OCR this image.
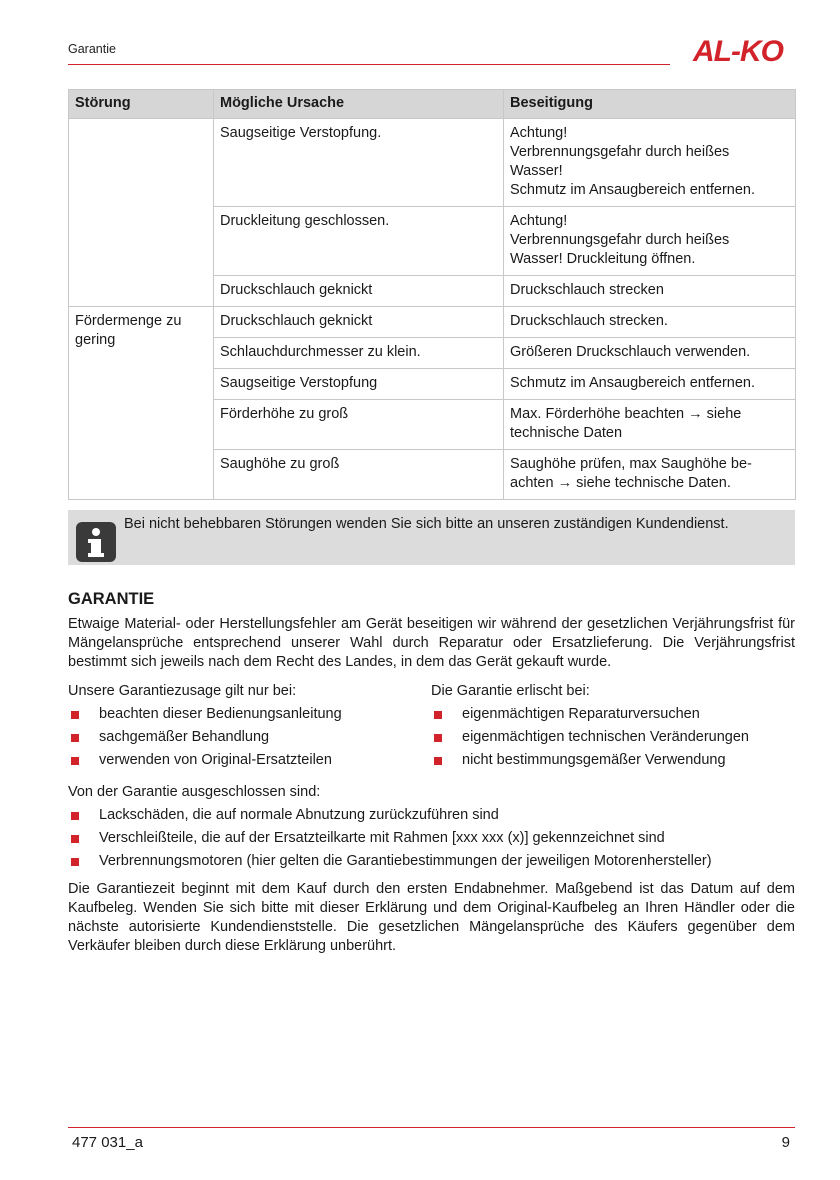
Garantie	AL-KO
Störung	Mögliche Ursache	Beseitigung
	Saugseitige Verstopfung.	Achtung!
Verbrennungsgefahr durch heißes
Wasser!
Schmutz im Ansaugbereich entfernen.

	Druckleitung geschlossen.	Achtung!
Verbrennungsgefahr durch heißes
Wasser! Druckleitung öffnen.

	Druckschlauch geknickt	Druckschlauch strecken

Fördermenge zu gering	Druckschlauch geknickt	Druckschlauch strecken.

	Schlauchdurchmesser zu klein.	Größeren Druckschlauch verwenden.

	Saugseitige Verstopfung	Schmutz im Ansaugbereich entfernen.

	Förderhöhe zu groß	Max. Förderhöhe beachten → siehe
technische Daten

	Saughöhe zu groß	Saughöhe prüfen, max Saughöhe be-
achten → siehe technische Daten.
Bei nicht behebbaren Störungen wenden Sie sich bitte an unseren zuständigen Kundendienst.
GARANTIE

Etwaige Material- oder Herstellungsfehler am Gerät beseitigen wir während der gesetzlichen Verjährungsfrist für Mängelansprüche entsprechend unserer Wahl durch Reparatur oder Ersatzlieferung. Die Verjährungsfrist bestimmt sich jeweils nach dem Recht des Landes, in dem das Gerät gekauft wurde.

Unsere Garantiezusage gilt nur bei:

beachten dieser Bedienungsanleitung
sachgemäßer Behandlung
verwenden von Original-Ersatzteilen

Die Garantie erlischt bei:

eigenmächtigen Reparaturversuchen
eigenmächtigen technischen Veränderungen
nicht bestimmungsgemäßer Verwendung

Von der Garantie ausgeschlossen sind:

Lackschäden, die auf normale Abnutzung zurückzuführen sind
Verschleißteile, die auf der Ersatzteilkarte mit Rahmen [xxx xxx (x)] gekennzeichnet sind
Verbrennungsmotoren (hier gelten die Garantiebestimmungen der jeweiligen Motorenhersteller)

Die Garantiezeit beginnt mit dem Kauf durch den ersten Endabnehmer. Maßgebend ist das Datum auf dem Kaufbeleg. Wenden Sie sich bitte mit dieser Erklärung und dem Original-Kaufbeleg an Ihren Händler oder die nächste autorisierte Kundendienststelle. Die gesetzlichen Mängelansprüche des Käufers gegenüber dem Verkäufer bleiben durch diese Erklärung unberührt.

477 031_a	9
